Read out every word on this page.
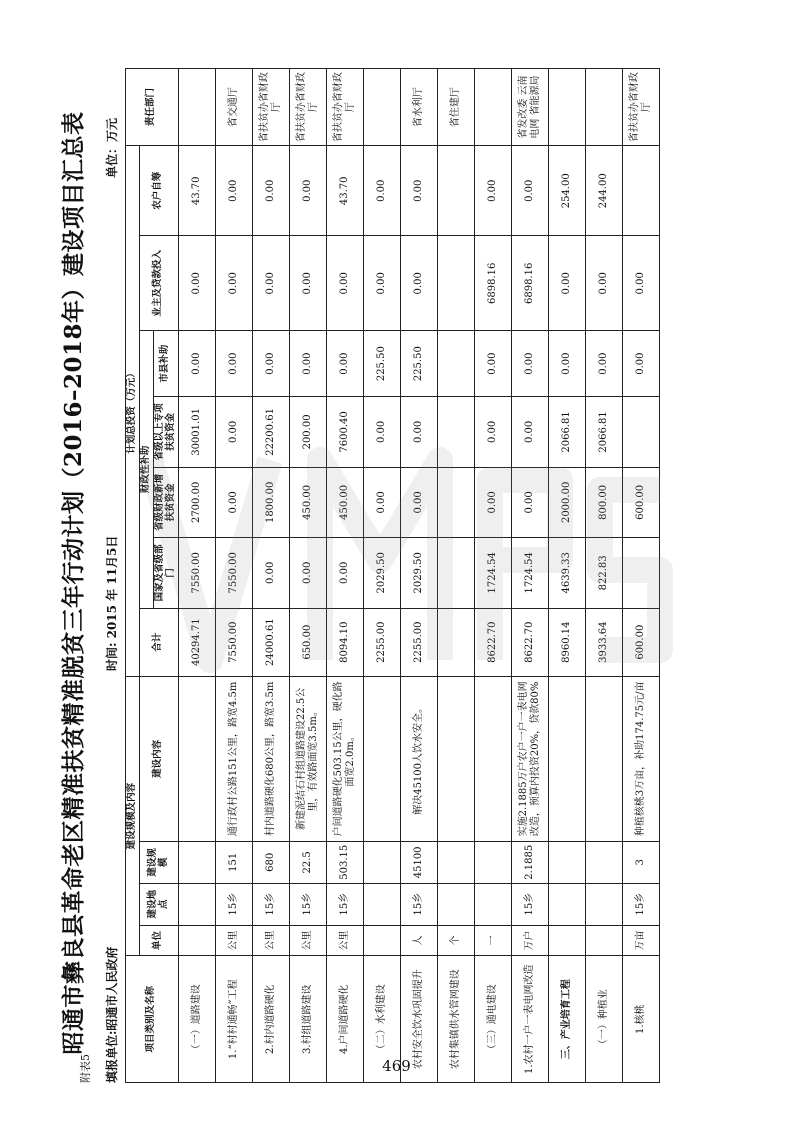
附表5
昭通市彝良县革命老区精准扶贫精准脱贫三年行动计划（2016–2018年）建设项目汇总表 填报单位:昭通市人民政府
时间: 2015 年 11月5日
单位：万元
项目类别及名称	建设规模及内容				计划总投资（万元）							责任部门
	单位	建设地点	建设规模	建设内容	合计	财政性补助				业主及贷款投入	农户自筹	
						国家及省级部门	省级财政新增扶贫资金	省级以上专项扶贫资金	市县补助			

（一）道路建设					40294.71	7550.00	2700.00	30001.01	0.00	0.00	43.70	
1.“村村通畅”工程	公里	15乡	151	通行政村公路151公里，路宽4.5m	7550.00	7550.00	0.00	0.00	0.00	0.00	0.00	省交通厅
2.村内道路硬化	公里	15乡	680	村内道路硬化680公里，路宽3.5m	24000.61	0.00	1800.00	22200.61	0.00	0.00	0.00	省扶贫办省财政厅
3.村组道路建设	公里	15乡	22.5	新建泥结石村组道路建设22.5公里，有效路面宽3.5m。	650.00	0.00	450.00	200.00	0.00	0.00	0.00	省扶贫办省财政厅
4.户间道路硬化	公里	15乡	503.15	户间道路硬化503.15公里，硬化路面宽2.0m。	8094.10	0.00	450.00	7600.40	0.00	0.00	43.70	省扶贫办省财政厅
（二）水利建设					2255.00	2029.50	0.00	0.00	225.50	0.00	0.00	
农村安全饮水巩固提升	人	15乡	45100	解决45100人饮水安全。	2255.00	2029.50	0.00	0.00	225.50	0.00	0.00	省水利厅
农村集镇供水管网建设	个											省住建厅
（三）通电建设	一				8622.70	1724.54	0.00	0.00	0.00	6898.16	0.00	
1.农村一户一表电网改造	万户	15乡	2.1885	实施2.1885万户农户一户一表电网改造，预算内投资20%，贷款80%	8622.70	1724.54	0.00	0.00	0.00	6898.16	0.00	省发改委 云南电网 省能源局
三、产业培育工程					8960.14	4639.33	2000.00	2066.81	0.00	0.00	254.00	
（一）种植业					3933.64	822.83	800.00	2066.81	0.00	0.00	244.00	
1.核桃	万亩	15乡	3	种植核桃3万亩，补助174.75元/亩	600.00		600.00		0.00	0.00		省扶贫办省财政厅
469
